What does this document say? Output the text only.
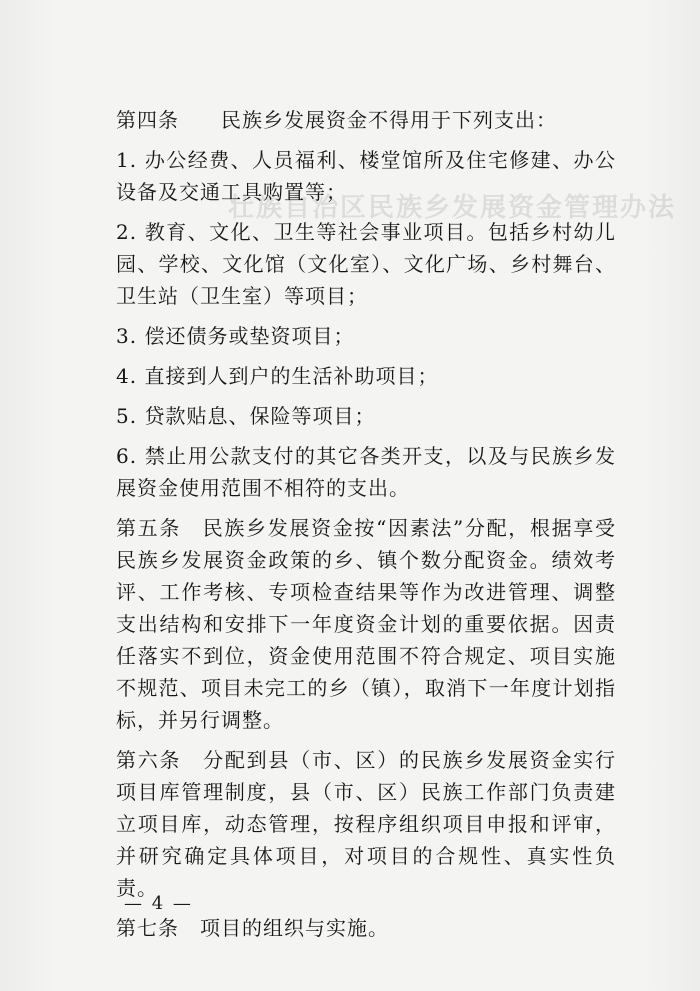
壮族自治区民族乡发展资金管理办法

第四条　　 民族乡发展资金不得用于下列支出：

1. 办公经费、人员福利、楼堂馆所及住宅修建、办公设备及交通工具购置等；

2. 教育、文化、卫生等社会事业项目。包括乡村幼儿园、学校、文化馆（文化室）、文化广场、乡村舞台、卫生站（卫生室）等项目；

3. 偿还债务或垫资项目；

4. 直接到人到户的生活补助项目；

5. 贷款贴息、保险等项目；

6. 禁止用公款支付的其它各类开支，以及与民族乡发展资金使用范围不相符的支出。

第五条　民族乡发展资金按“因素法”分配，根据享受民族乡发展资金政策的乡、镇个数分配资金。绩效考评、工作考核、专项检查结果等作为改进管理、调整支出结构和安排下一年度资金计划的重要依据。因责任落实不到位，资金使用范围不符合规定、项目实施不规范、项目未完工的乡（镇），取消下一年度计划指标，并另行调整。

第六条　分配到县（市、区）的民族乡发展资金实行项目库管理制度，县（市、区）民族工作部门负责建立项目库，动态管理，按程序组织项目申报和评审，并研究确定具体项目，对项目的合规性、真实性负责。

第七条　项目的组织与实施。

— 4 —
